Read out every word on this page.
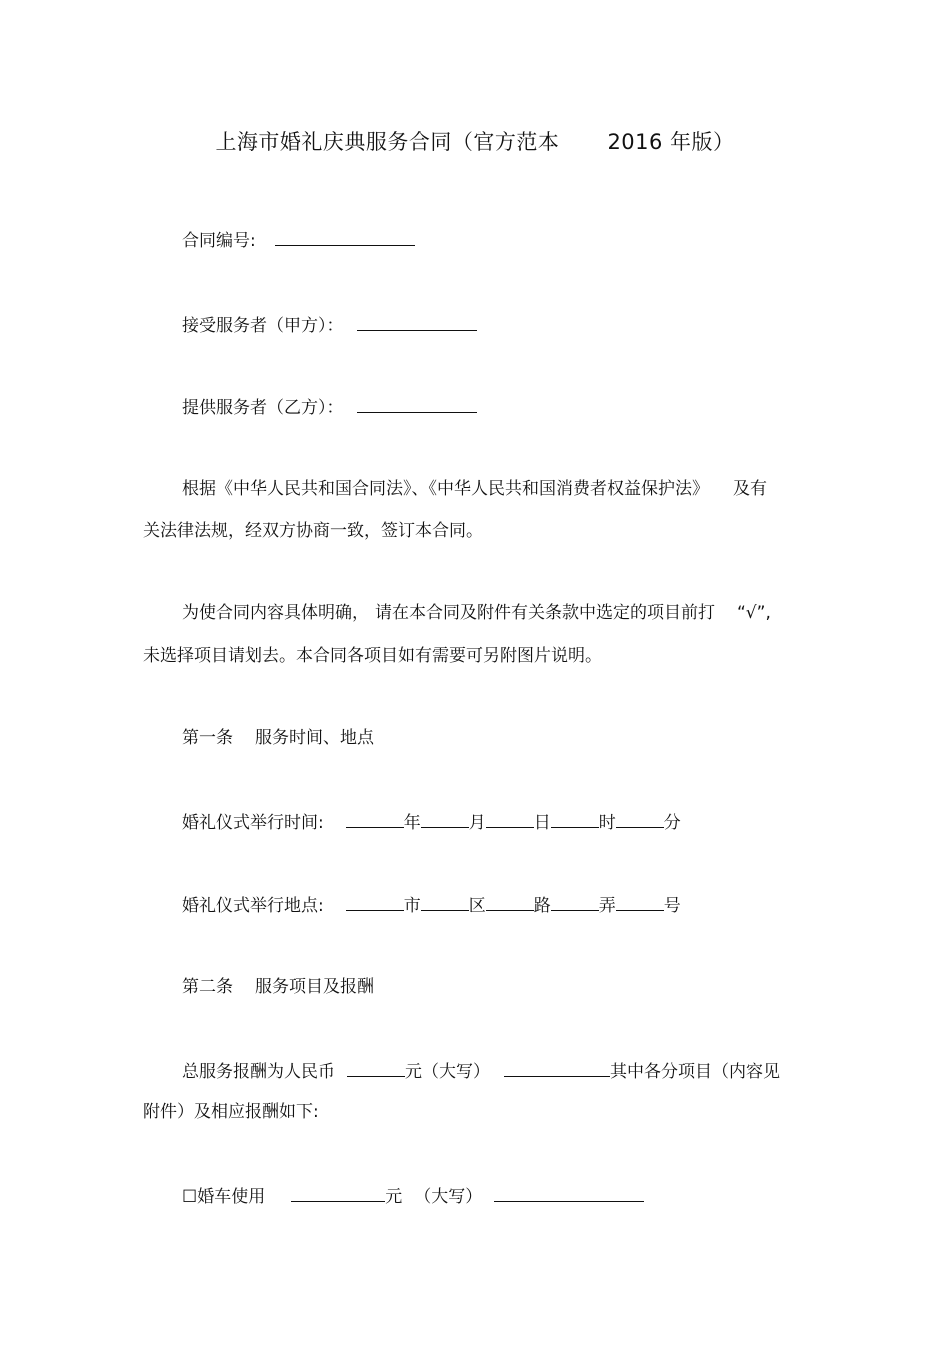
上海市婚礼庆典服务合同（官方范本 2016 年版）
合同编号:
接受服务者（甲方）：
提供服务者（乙方）：
根据《中华人民共和国合同法》、《中华人民共和国消费者权益保护法》 及有
关法律法规，经双方协商一致，签订本合同。
为使合同内容具体明确， 请在本合同及附件有关条款中选定的项目前打 “√”,
未选择项目请划去。本合同各项目如有需要可另附图片说明。
第一条 服务时间、地点
婚礼仪式举行时间:	年	月	日	时	分
婚礼仪式举行地点:	市	区	路	弄	号
第二条 服务项目及报酬
总服务报酬为人民币	元（大写）	其中各分项目（内容见
附件）及相应报酬如下:
☐婚车使用	元 （大写）
